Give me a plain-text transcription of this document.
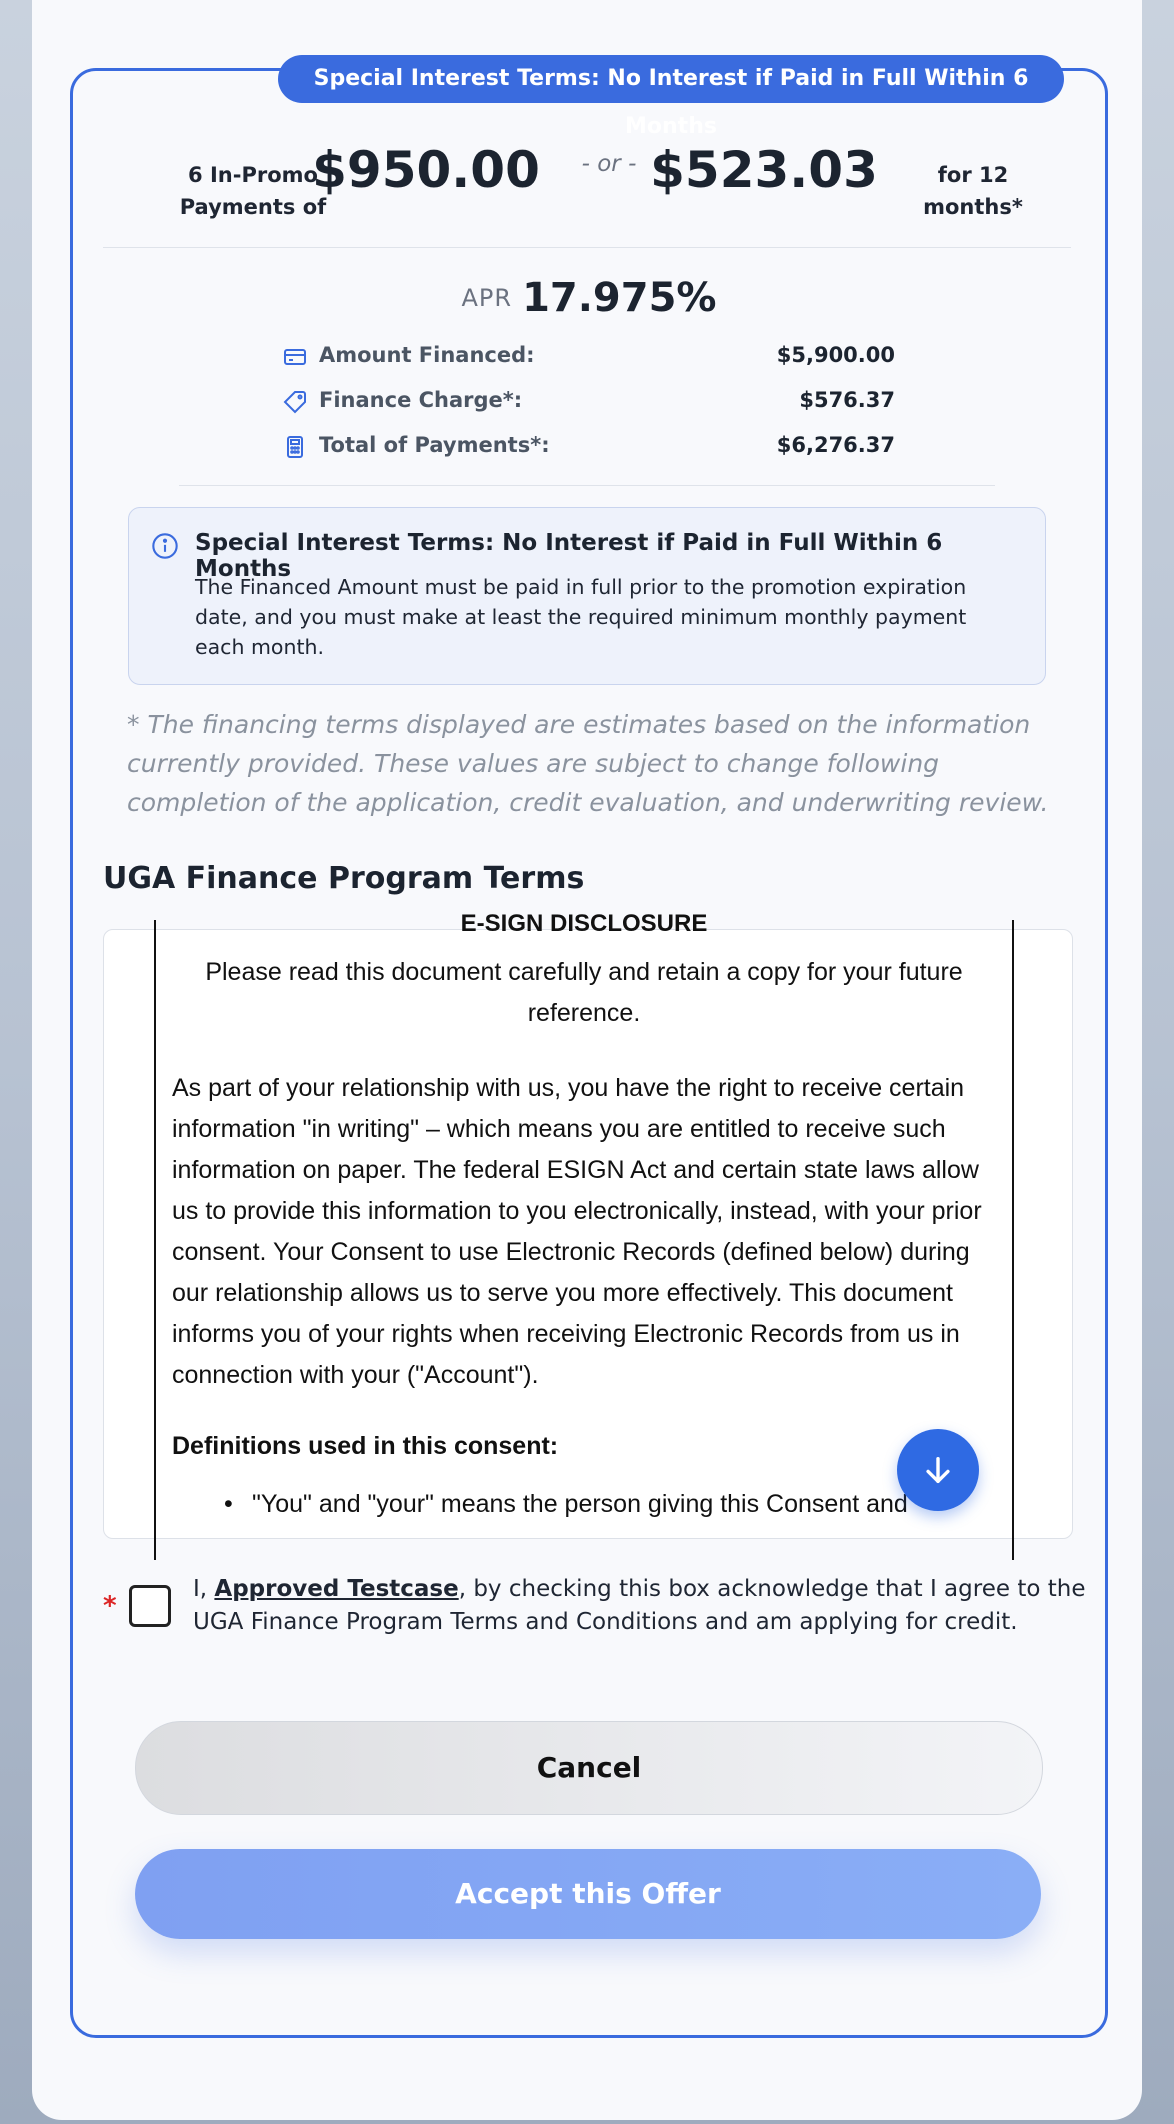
Special Interest Terms: No Interest if Paid in Full Within 6 Months
6 In-Promo Payments of
$950.00	- or - $523.03	for 12 months*
APR 17.975%
Amount Financed:	$5,900.00
Finance Charge*:	$576.37
Total of Payments*:	$6,276.37
Special Interest Terms: No Interest if Paid in Full Within 6 Months
The Financed Amount must be paid in full prior to the promotion expiration date, and you must make at least the required minimum monthly payment each month.
* The financing terms displayed are estimates based on the information currently provided. These values are subject to change following completion of the application, credit evaluation, and underwriting review.
UGA Finance Program Terms
E-SIGN DISCLOSURE
Please read this document carefully and retain a copy for your future reference.
As part of your relationship with us, you have the right to receive certain information "in writing" – which means you are entitled to receive such information on paper. The federal ESIGN Act and certain state laws allow us to provide this information to you electronically, instead, with your prior consent. Your Consent to use Electronic Records (defined below) during our relationship allows us to serve you more effectively. This document informs you of your rights when receiving Electronic Records from us in connection with your ("Account").
Definitions used in this consent:
• "You" and "your" means the person giving this Consent and
*
I, Approved Testcase, by checking this box acknowledge that I agree to the UGA Finance Program Terms and Conditions and am applying for credit.
Cancel
Accept this Offer
